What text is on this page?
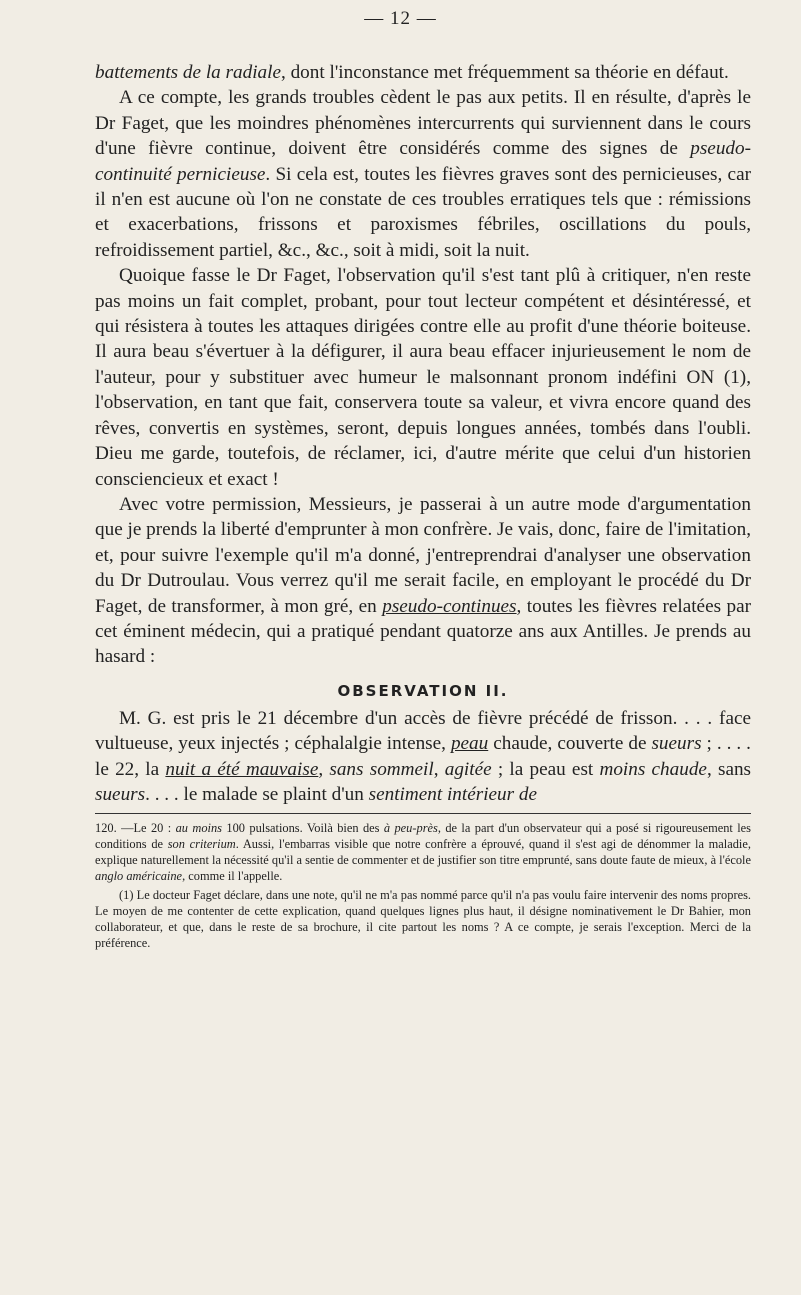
— 12 —

battements de la radiale, dont l'inconstance met fréquemment sa théorie en défaut.

A ce compte, les grands troubles cèdent le pas aux petits. Il en résulte, d'après le Dr Faget, que les moindres phénomènes intercurrents qui surviennent dans le cours d'une fièvre continue, doivent être considérés comme des signes de pseudo-continuité pernicieuse. Si cela est, toutes les fièvres graves sont des pernicieuses, car il n'en est aucune où l'on ne constate de ces troubles erratiques tels que : rémissions et exacerbations, frissons et paroxismes fébriles, oscillations du pouls, refroidissement partiel, &c., &c., soit à midi, soit la nuit.

Quoique fasse le Dr Faget, l'observation qu'il s'est tant plû à critiquer, n'en reste pas moins un fait complet, probant, pour tout lecteur compétent et désintéressé, et qui résistera à toutes les attaques dirigées contre elle au profit d'une théorie boiteuse. Il aura beau s'évertuer à la défigurer, il aura beau effacer injurieusement le nom de l'auteur, pour y substituer avec humeur le malsonnant pronom indéfini ON (1), l'observation, en tant que fait, conservera toute sa valeur, et vivra encore quand des rêves, convertis en systèmes, seront, depuis longues années, tombés dans l'oubli. Dieu me garde, toutefois, de réclamer, ici, d'autre mérite que celui d'un historien consciencieux et exact !

Avec votre permission, Messieurs, je passerai à un autre mode d'argumentation que je prends la liberté d'emprunter à mon confrère. Je vais, donc, faire de l'imitation, et, pour suivre l'exemple qu'il m'a donné, j'entreprendrai d'analyser une observation du Dr Dutroulau. Vous verrez qu'il me serait facile, en employant le procédé du Dr Faget, de transformer, à mon gré, en pseudo-continues, toutes les fièvres relatées par cet éminent médecin, qui a pratiqué pendant quatorze ans aux Antilles. Je prends au hasard :

OBSERVATION II.

M. G. est pris le 21 décembre d'un accès de fièvre précédé de frisson. . . . face vultueuse, yeux injectés ; céphalalgie intense, peau chaude, couverte de sueurs ; . . . . le 22, la nuit a été mauvaise, sans sommeil, agitée ; la peau est moins chaude, sans sueurs. . . . le malade se plaint d'un sentiment intérieur de

120. —Le 20 : au moins 100 pulsations. Voilà bien des à peu-près, de la part d'un observateur qui a posé si rigoureusement les conditions de son criterium. Aussi, l'embarras visible que notre confrère a éprouvé, quand il s'est agi de dénommer la maladie, explique naturellement la nécessité qu'il a sentie de commenter et de justifier son titre emprunté, sans doute faute de mieux, à l'école anglo américaine, comme il l'appelle.

(1) Le docteur Faget déclare, dans une note, qu'il ne m'a pas nommé parce qu'il n'a pas voulu faire intervenir des noms propres. Le moyen de me contenter de cette explication, quand quelques lignes plus haut, il désigne nominativement le Dr Bahier, mon collaborateur, et que, dans le reste de sa brochure, il cite partout les noms ? A ce compte, je serais l'exception. Merci de la préférence.
